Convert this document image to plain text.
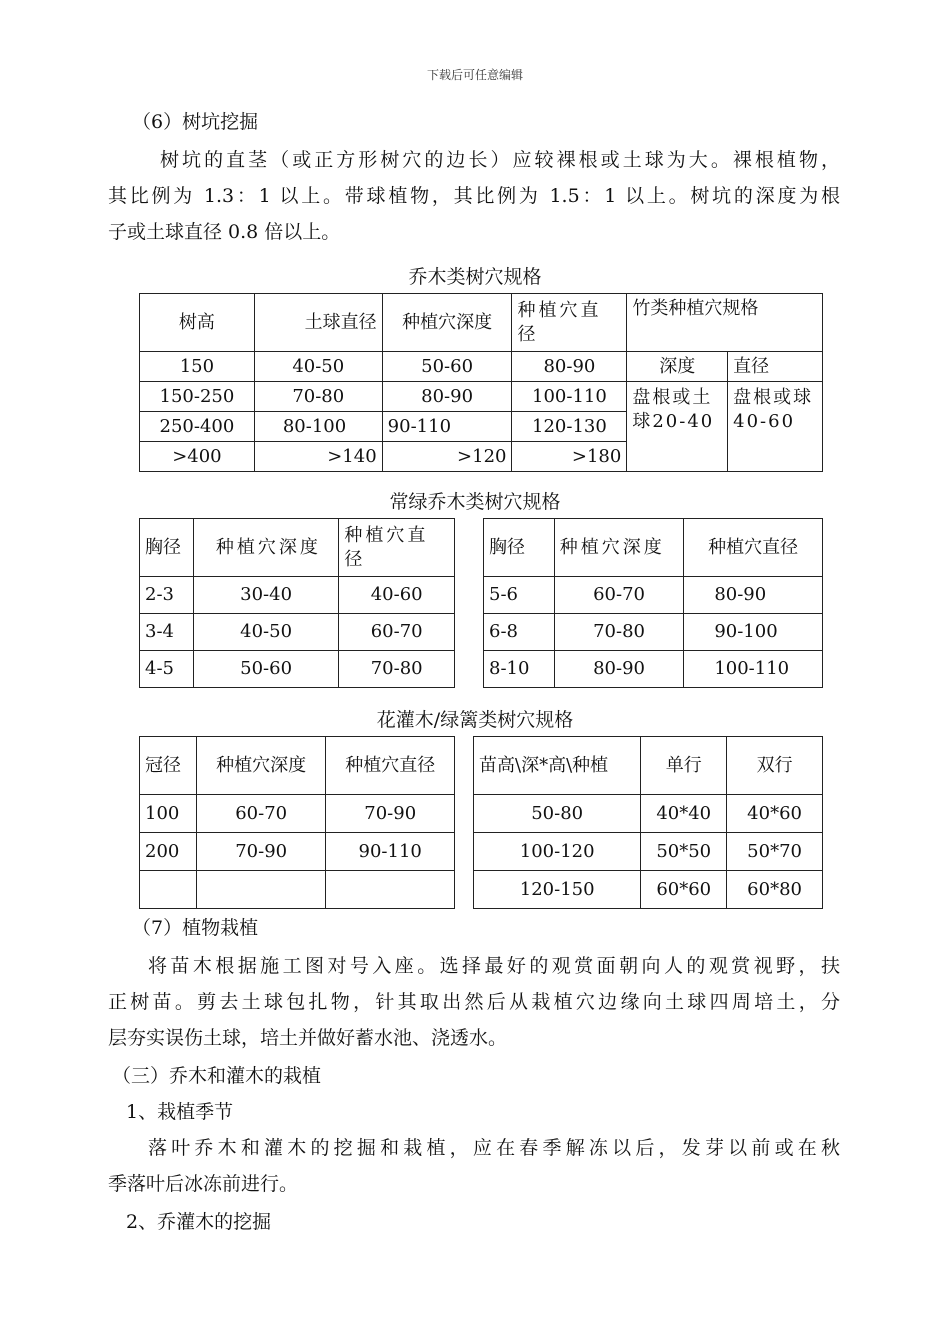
下载后可任意编辑
（6）树坑挖掘
树坑的直茎（或正方形树穴的边长）应较裸根或土球为大。裸根植物，
其比例为 1.3：1 以上。带球植物，其比例为 1.5：1 以上。树坑的深度为根
子或土球直径 0.8 倍以上。
乔木类树穴规格
树高	土球直径	种植穴深度	种植穴直径	竹类种植穴规格	
150	40-50	50-60	80-90	深度	直径
150-250	70-80	80-90	100-110	盘根或土球20-40	盘根或球 40-60
250-400	80-100	90-110	120-130		
>400	>140	>120	>180		
常绿乔木类树穴规格
胸径	种植穴深度	种植穴直径
2-3	30-40	40-60
3-4	40-50	60-70
4-5	50-60	70-80
胸径	种植穴深度	种植穴直径
5-6	60-70	80-90
6-8	70-80	90-100
8-10	80-90	100-110
花灌木/绿篱类树穴规格
冠径	种植穴深度	种植穴直径
100	60-70	70-90
200	70-90	90-110

苗高\深*高\种植	单行	双行
50-80	40*40	40*60
100-120	50*50	50*70
120-150	60*60	60*80
（7）植物栽植
将苗木根据施工图对号入座。选择最好的观赏面朝向人的观赏视野，扶
正树苗。剪去土球包扎物，针其取出然后从栽植穴边缘向土球四周培土，分
层夯实误伤土球，培土并做好蓄水池、浇透水。
（三）乔木和灌木的栽植
1、栽植季节
落叶乔木和灌木的挖掘和栽植，应在春季解冻以后，发芽以前或在秋
季落叶后冰冻前进行。
2、乔灌木的挖掘
